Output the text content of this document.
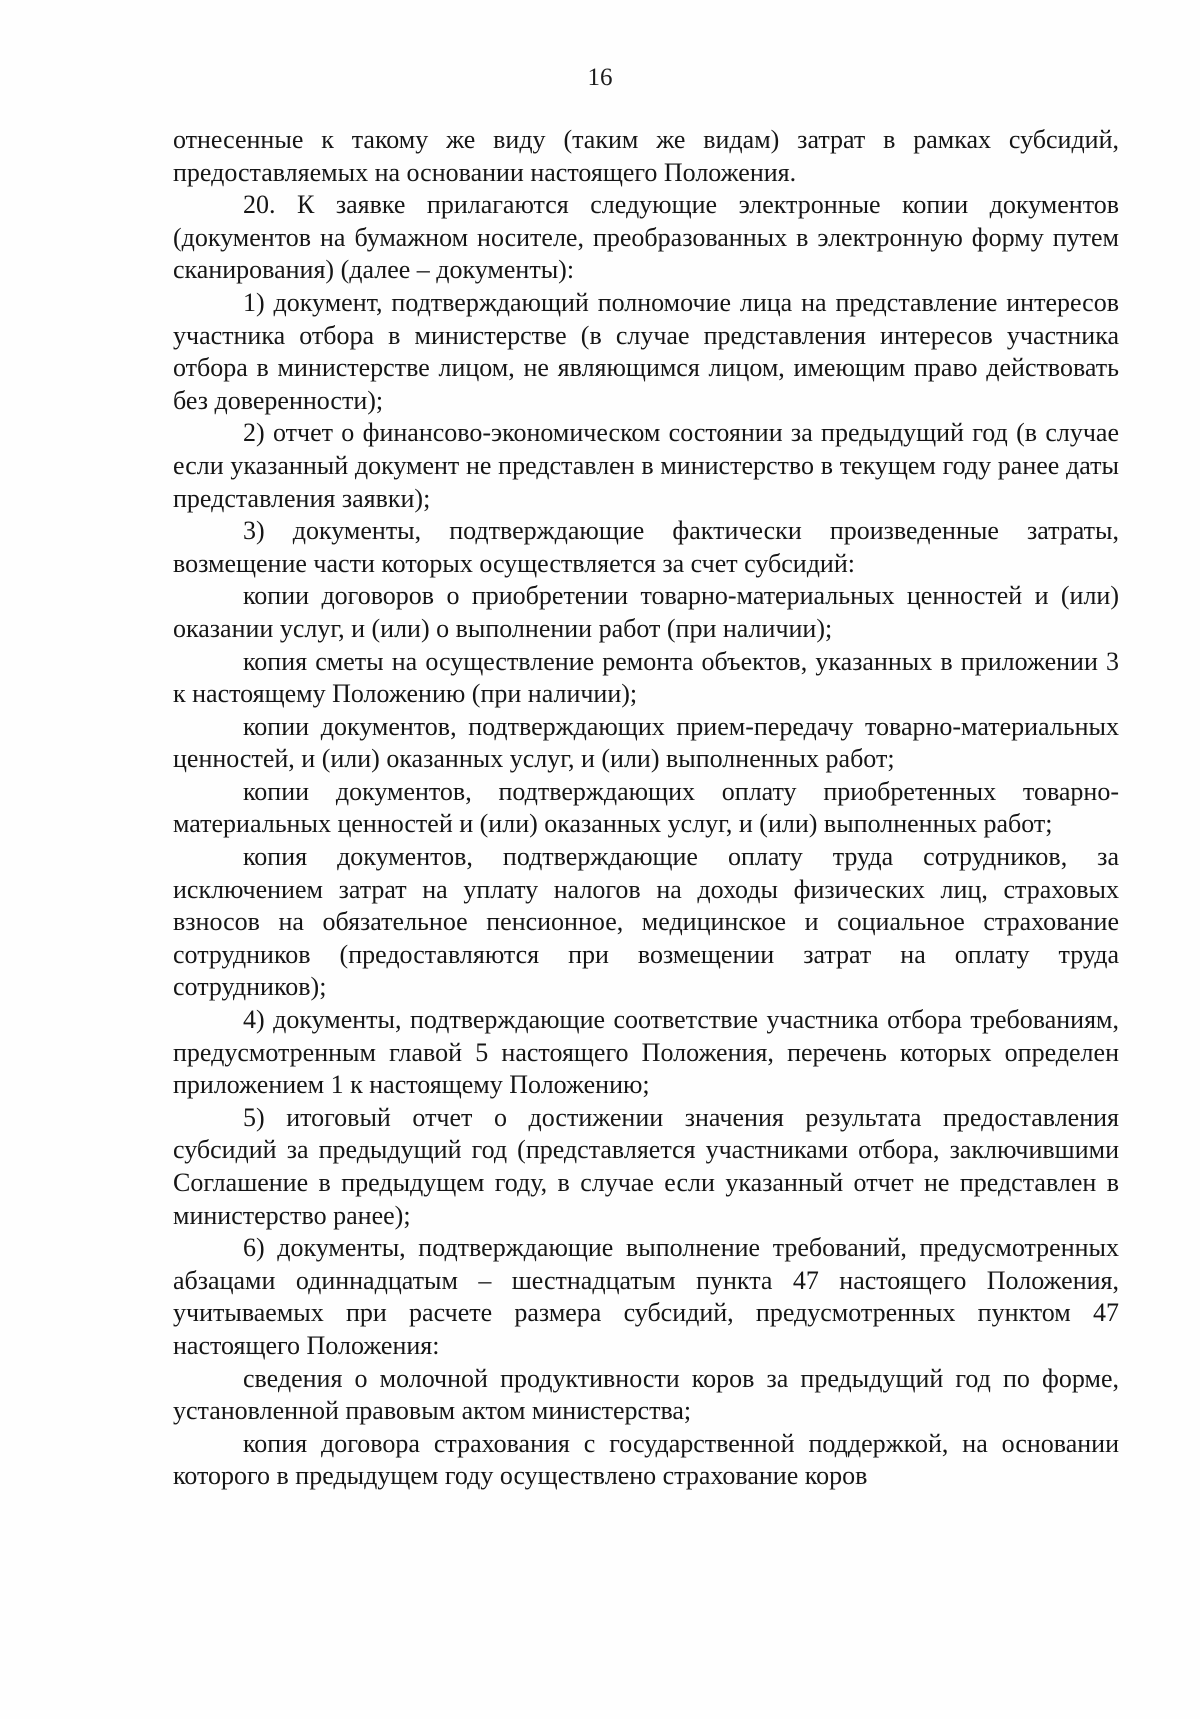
16

отнесенные к такому же виду (таким же видам) затрат в рамках субсидий, предоставляемых на основании настоящего Положения.

20. К заявке прилагаются следующие электронные копии документов (документов на бумажном носителе, преобразованных в электронную форму путем сканирования) (далее – документы):

1) документ, подтверждающий полномочие лица на представление интересов участника отбора в министерстве (в случае представления интересов участника отбора в министерстве лицом, не являющимся лицом, имеющим право действовать без доверенности);

2) отчет о финансово-экономическом состоянии за предыдущий год (в случае если указанный документ не представлен в министерство в текущем году ранее даты представления заявки);

3) документы, подтверждающие фактически произведенные затраты, возмещение части которых осуществляется за счет субсидий:

копии договоров о приобретении товарно-материальных ценностей и (или) оказании услуг, и (или) о выполнении работ (при наличии);

копия сметы на осуществление ремонта объектов, указанных в приложении 3 к настоящему Положению (при наличии);

копии документов, подтверждающих прием-передачу товарно-материальных ценностей, и (или) оказанных услуг, и (или) выполненных работ;

копии документов, подтверждающих оплату приобретенных товарно-материальных ценностей и (или) оказанных услуг, и (или) выполненных работ;

копия документов, подтверждающие оплату труда сотрудников, за исключением затрат на уплату налогов на доходы физических лиц, страховых взносов на обязательное пенсионное, медицинское и социальное страхование сотрудников (предоставляются при возмещении затрат на оплату труда сотрудников);

4) документы, подтверждающие соответствие участника отбора требованиям, предусмотренным главой 5 настоящего Положения, перечень которых определен приложением 1 к настоящему Положению;

5) итоговый отчет о достижении значения результата предоставления субсидий за предыдущий год (представляется участниками отбора, заключившими Соглашение в предыдущем году, в случае если указанный отчет не представлен в министерство ранее);

6) документы, подтверждающие выполнение требований, предусмотренных абзацами одиннадцатым – шестнадцатым пункта 47 настоящего Положения, учитываемых при расчете размера субсидий, предусмотренных пунктом 47 настоящего Положения:

сведения о молочной продуктивности коров за предыдущий год по форме, установленной правовым актом министерства;

копия договора страхования с государственной поддержкой, на основании которого в предыдущем году осуществлено страхование коров
